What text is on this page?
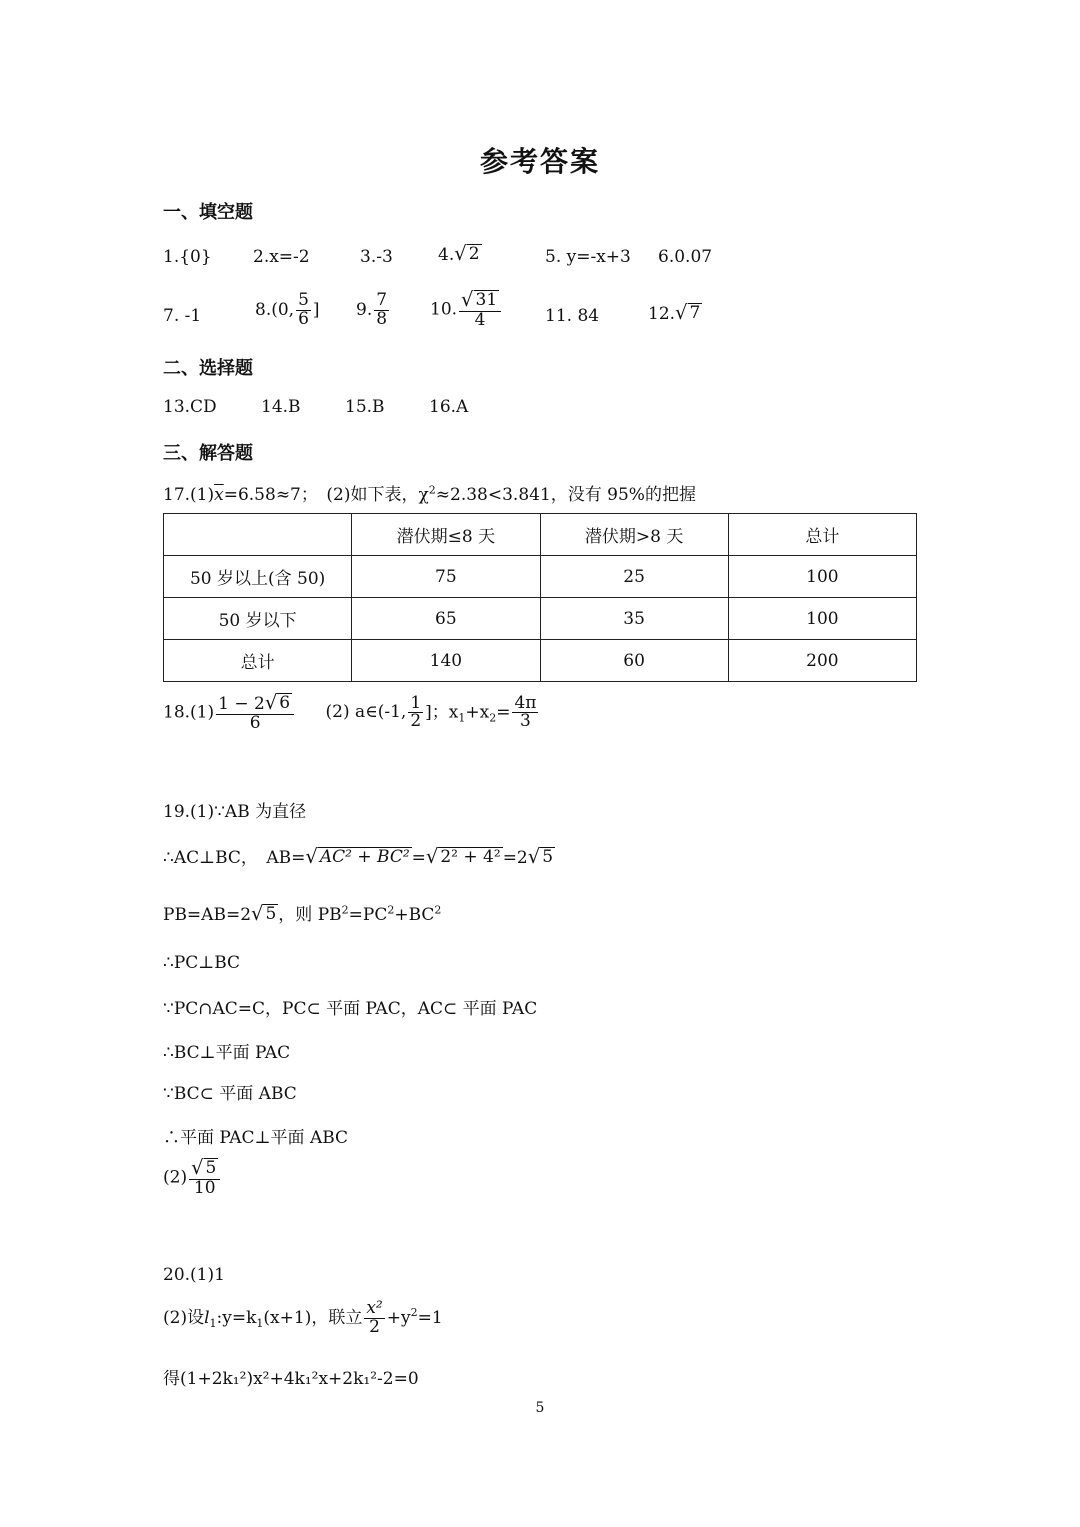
参考答案
一、填空题
1.{0} 2.x=-2	3.-3	4. √ 2	5. y=-x+3 6.0.07
7. -1	8.(0, $\frac{5}{6}$ ] 9. $\frac{7}{8} 10$. $\frac{√ 31}{4}$	11. 84	12. √ 7
二、选择题
13.CD	14.B	15.B	16.A
三、解答题
$17.(1)\overline{x}=6.58\approx 7$；　(2)如下表，$\chi^2\approx 2.38<3.841$，没有 95%的把握
	潜伏期≤8 天	潜伏期>8 天	总计
50 岁以上(含 50)	75	25	100
50 岁以下	65	35	100
总计	140	60	200
$18.(1) \frac{1 - 2 √ 6}{6} (2)$ a∈(-1, $\frac{1}{2}$ ]；$x_1+x_2= \frac{4\pi}{3}$
19.(1)∵AB 为直径
∴AC⊥BC，　AB= √ AC² + BC² = √ 2² + 4² =2 √ 5
PB=AB=2 √ 5 ，则 $PB^2=PC^2+BC^2$
∴PC⊥BC
∵PC∩AC=C，PC⊂ 平面 PAC，AC⊂ 平面 PAC
∴BC⊥平面 PAC
∵BC⊂ 平面 ABC
∴平面 PAC⊥平面 ABC
$(2) \frac{√ 5}{10}$
20.(1)1
(2)设$l_1:y=k_1(x+1)$，联立 $\frac{\text{x²}}{2} +y^2=1$
得(1+2k₁²)x²+4k₁²x+2k₁²-2=0
5
